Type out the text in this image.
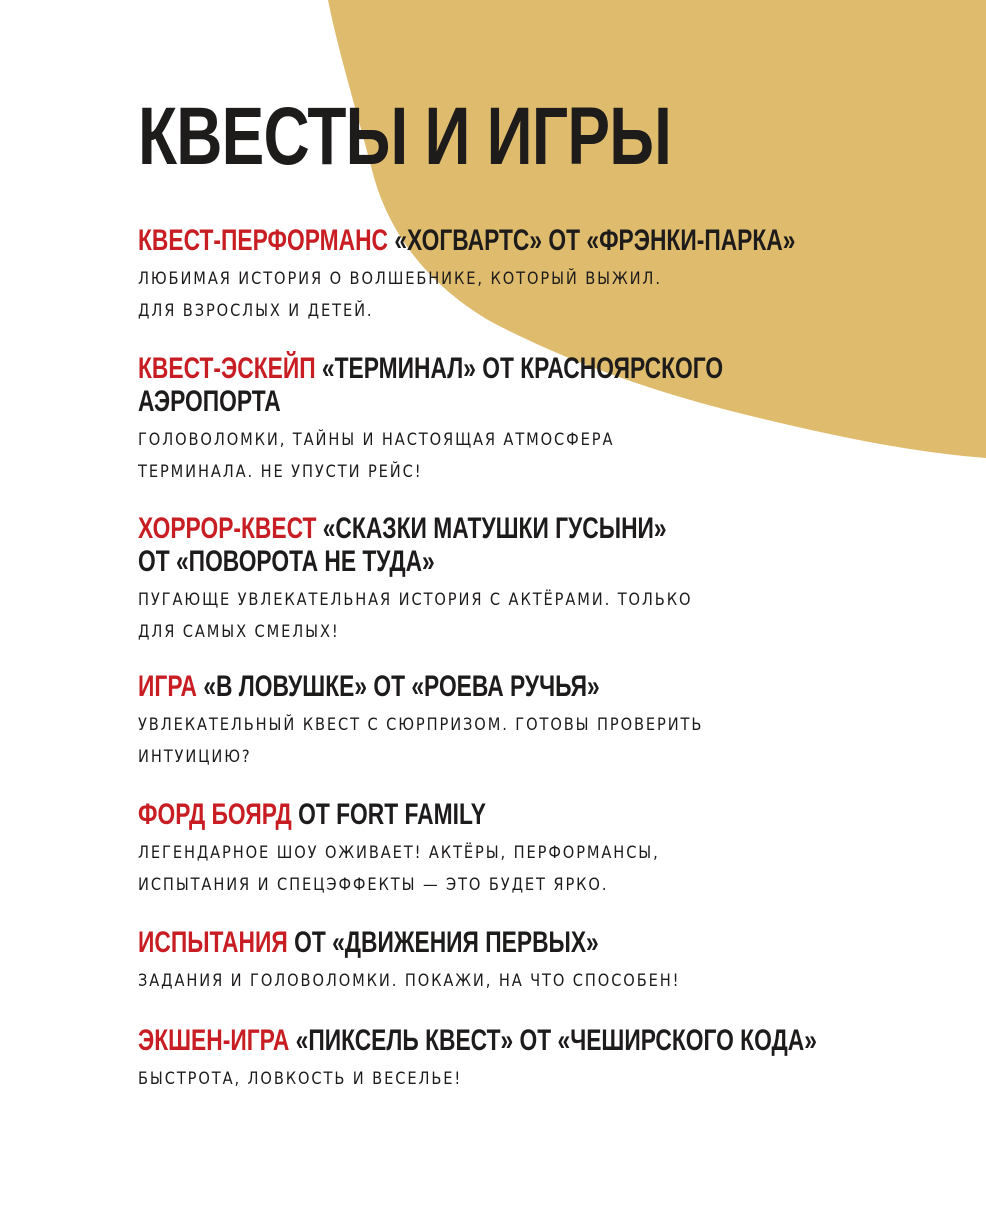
КВЕСТЫ И ИГРЫ
КВЕСТ-ПЕРФОРМАНС «ХОГВАРТС» ОТ «ФРЭНКИ-ПАРКА»
ЛЮБИМАЯ ИСТОРИЯ О ВОЛШЕБНИКЕ, КОТОРЫЙ ВЫЖИЛ.
ДЛЯ ВЗРОСЛЫХ И ДЕТЕЙ.
КВЕСТ-ЭСКЕЙП «ТЕРМИНАЛ» ОТ КРАСНОЯРСКОГО
АЭРОПОРТА
ГОЛОВОЛОМКИ, ТАЙНЫ И НАСТОЯЩАЯ АТМОСФЕРА
ТЕРМИНАЛА. НЕ УПУСТИ РЕЙС!
ХОРРОР-КВЕСТ «СКАЗКИ МАТУШКИ ГУСЫНИ»
ОТ «ПОВОРОТА НЕ ТУДА»
ПУГАЮЩЕ УВЛЕКАТЕЛЬНАЯ ИСТОРИЯ С АКТЁРАМИ. ТОЛЬКО
ДЛЯ САМЫХ СМЕЛЫХ!
ИГРА «В ЛОВУШКЕ» ОТ «РОЕВА РУЧЬЯ»
УВЛЕКАТЕЛЬНЫЙ КВЕСТ С СЮРПРИЗОМ. ГОТОВЫ ПРОВЕРИТЬ
ИНТУИЦИЮ?
ФОРД БОЯРД ОТ FORT FAMILY
ЛЕГЕНДАРНОЕ ШОУ ОЖИВАЕТ! АКТЁРЫ, ПЕРФОРМАНСЫ,
ИСПЫТАНИЯ И СПЕЦЭФФЕКТЫ — ЭТО БУДЕТ ЯРКО.
ИСПЫТАНИЯ ОТ «ДВИЖЕНИЯ ПЕРВЫХ»
ЗАДАНИЯ И ГОЛОВОЛОМКИ. ПОКАЖИ, НА ЧТО СПОСОБЕН!
ЭКШЕН-ИГРА «ПИКСЕЛЬ КВЕСТ» ОТ «ЧЕШИРСКОГО КОДА»
БЫСТРОТА, ЛОВКОСТЬ И ВЕСЕЛЬЕ!
